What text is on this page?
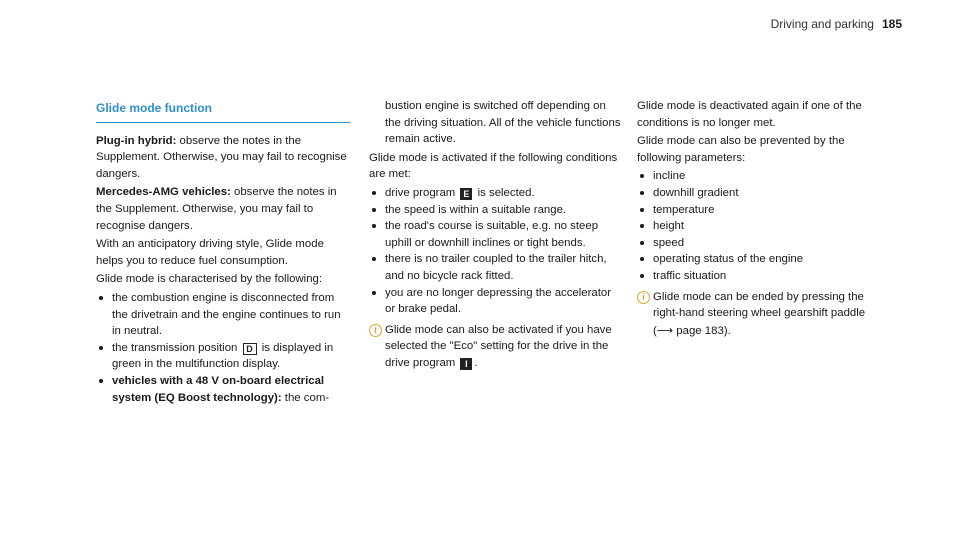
Driving and parking 185
Glide mode function

Plug-in hybrid: observe the notes in the Supplement. Otherwise, you may fail to recognise dangers.

Mercedes-AMG vehicles: observe the notes in the Supplement. Otherwise, you may fail to recognise dangers.

With an anticipatory driving style, Glide mode helps you to reduce fuel consumption.

Glide mode is characterised by the following:

the combustion engine is disconnected from the drivetrain and the engine continues to run in neutral.
the transmission position D is displayed in green in the multifunction display.
vehicles with a 48 V on-board electrical system (EQ Boost technology): the com-

bustion engine is switched off depending on the driving situation. All of the vehicle functions remain active.

Glide mode is activated if the following conditions are met:

drive program E is selected.
the speed is within a suitable range.
the road's course is suitable, e.g. no steep uphill or downhill inclines or tight bends.
there is no trailer coupled to the trailer hitch, and no bicycle rack fitted.
you are no longer depressing the accelerator or brake pedal.
i Glide mode can also be activated if you have selected the "Eco" setting for the drive in the drive program I .

Glide mode is deactivated again if one of the conditions is no longer met.

Glide mode can also be prevented by the following parameters:

incline
downhill gradient
temperature
height
speed
operating status of the engine
traffic situation
i Glide mode can be ended by pressing the right-hand steering wheel gearshift paddle (⟶ page 183).
